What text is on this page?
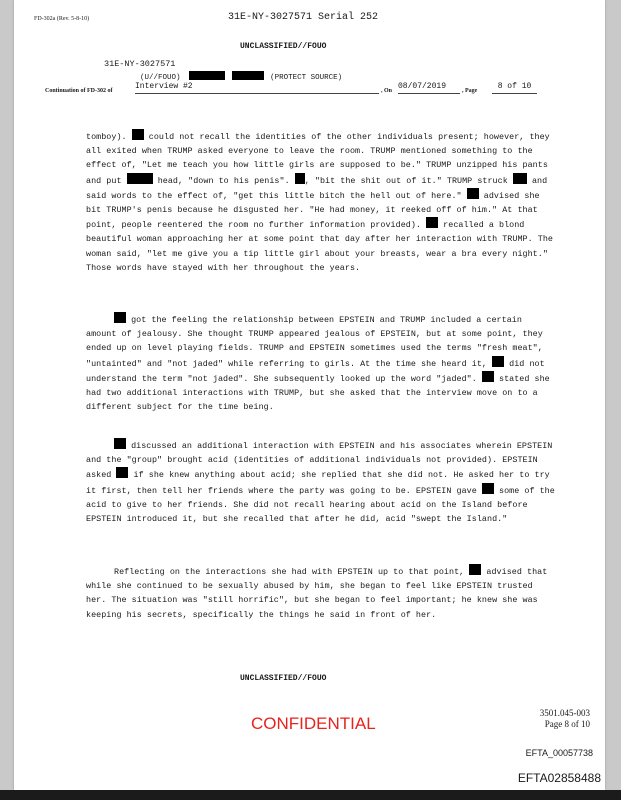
FD-302a (Rev. 5-8-10)	31E-NY-3027571 Serial 252
UNCLASSIFIED//FOUO
31E-NY-3027571
(U//FOUO)	(PROTECT SOURCE)
Continuation of FD-302 of	Interview #2	, On 08/07/2019	, Page	8 of 10

tomboy).	could not recall the identities of the other individuals present; however, they all exited when TRUMP asked everyone to leave the room. TRUMP mentioned something to the effect of, "Let me teach you how little girls are supposed to be." TRUMP unzipped his pants and put	head, "down to his penis". , "bit the shit out of it." TRUMP struck	and said words to the effect of, "get this little bitch the hell out of here."	advised she bit TRUMP's penis because he disgusted her. "He had money, it reeked off of him." At that point, people reentered the room no further information provided).	recalled a blond beautiful woman approaching her at some point that day after her interaction with TRUMP. The woman said, "let me give you a tip little girl about your breasts, wear a bra every night." Those words have stayed with her throughout the years.

got the feeling the relationship between EPSTEIN and TRUMP included a certain amount of jealousy. She thought TRUMP appeared jealous of EPSTEIN, but at some point, they ended up on level playing fields. TRUMP and EPSTEIN sometimes used the terms "fresh meat", "untainted" and "not jaded" while referring to girls. At the time she heard it,	did not understand the term "not jaded". She subsequently looked up the word "jaded".	stated she had two additional interactions with TRUMP, but she asked that the interview move on to a different subject for the time being.

discussed an additional interaction with EPSTEIN and his associates wherein EPSTEIN and the "group" brought acid (identities of additional individuals not provided). EPSTEIN asked	if she knew anything about acid; she replied that she did not. He asked her to try it first, then tell her friends where the party was going to be. EPSTEIN gave	some of the acid to give to her friends. She did not recall hearing about acid on the Island before EPSTEIN introduced it, but she recalled that after he did, acid "swept the Island."

Reflecting on the interactions she had with EPSTEIN up to that point,	advised that while she continued to be sexually abused by him, she began to feel like EPSTEIN trusted her. The situation was "still horrific", but she began to feel important; he knew she was keeping his secrets, specifically the things he said in front of her.

UNCLASSIFIED//FOUO
3501.045-003
Page 8 of 10
CONFIDENTIAL
EFTA_00057738
EFTA02858488
